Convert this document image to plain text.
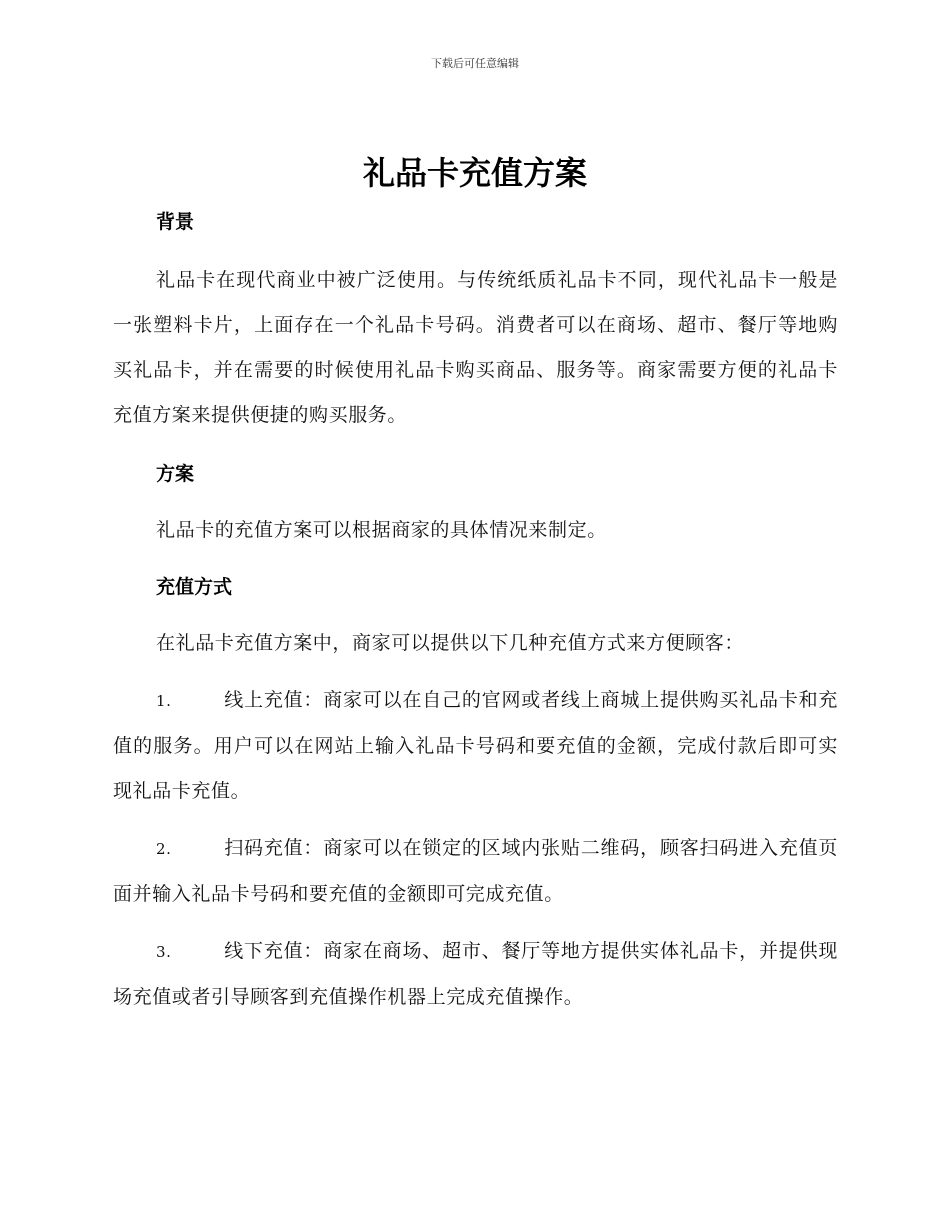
下载后可任意编辑
礼品卡充值方案
背景

礼品卡在现代商业中被广泛使用。与传统纸质礼品卡不同，现代礼品卡一般是一张塑料卡片，上面存在一个礼品卡号码。消费者可以在商场、超市、餐厅等地购买礼品卡，并在需要的时候使用礼品卡购买商品、服务等。商家需要方便的礼品卡充值方案来提供便捷的购买服务。

方案

礼品卡的充值方案可以根据商家的具体情况来制定。

充值方式

在礼品卡充值方案中，商家可以提供以下几种充值方式来方便顾客：

1.	线上充值：商家可以在自己的官网或者线上商城上提供购买礼品卡和充值的服务。用户可以在网站上输入礼品卡号码和要充值的金额，完成付款后即可实现礼品卡充值。

2.	扫码充值：商家可以在锁定的区域内张贴二维码，顾客扫码进入充值页面并输入礼品卡号码和要充值的金额即可完成充值。

3.	线下充值：商家在商场、超市、餐厅等地方提供实体礼品卡，并提供现场充值或者引导顾客到充值操作机器上完成充值操作。
